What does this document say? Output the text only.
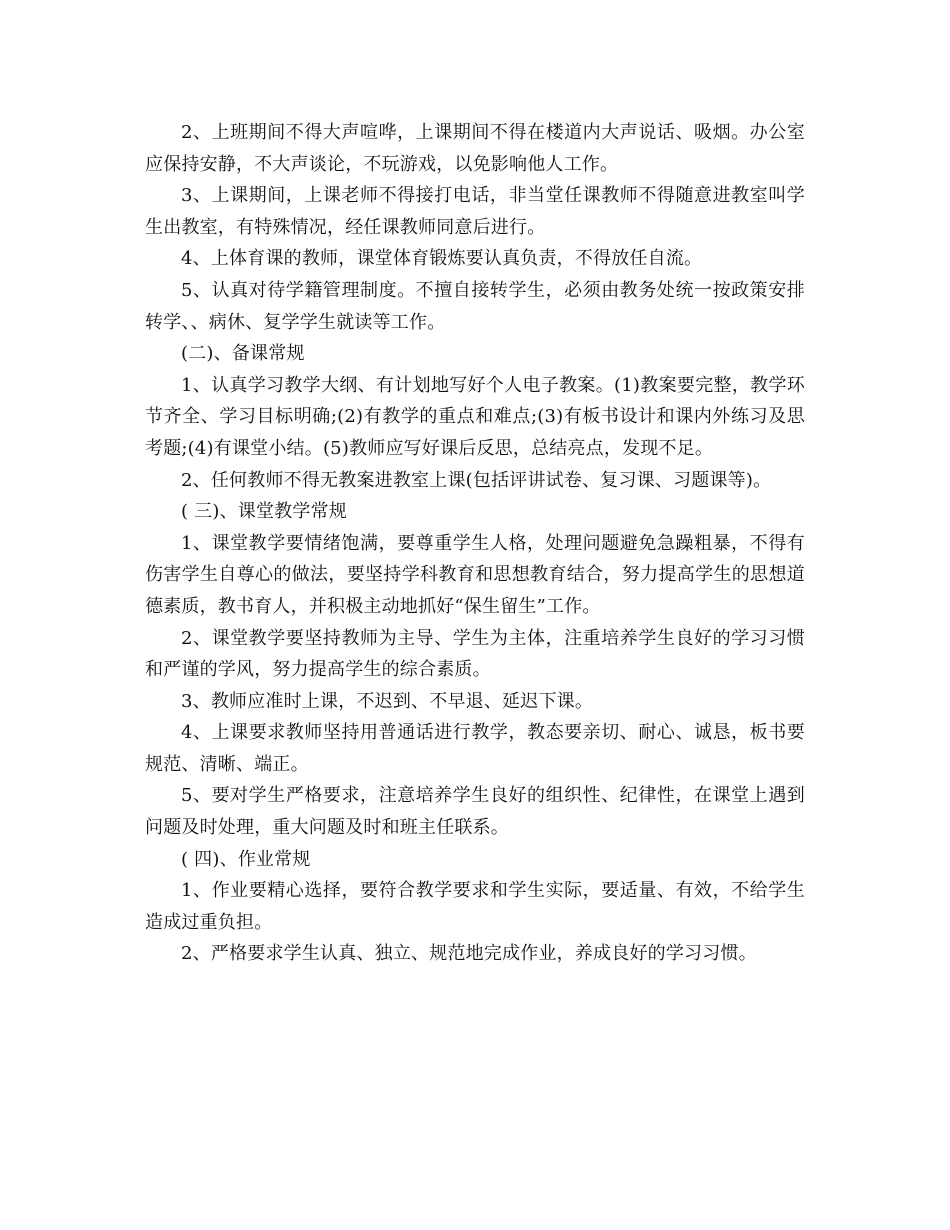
2、上班期间不得大声喧哗，上课期间不得在楼道内大声说话、吸烟。办公室应保持安静，不大声谈论，不玩游戏，以免影响他人工作。

3、上课期间，上课老师不得接打电话，非当堂任课教师不得随意进教室叫学生出教室，有特殊情况，经任课教师同意后进行。

4、上体育课的教师，课堂体育锻炼要认真负责，不得放任自流。

5、认真对待学籍管理制度。不擅自接转学生，必须由教务处统一按政策安排转学、、病休、复学学生就读等工作。

(二)、备课常规

1、认真学习教学大纲、有计划地写好个人电子教案。(1)教案要完整，教学环节齐全、学习目标明确;(2)有教学的重点和难点;(3)有板书设计和课内外练习及思考题;(4)有课堂小结。(5)教师应写好课后反思，总结亮点，发现不足。

2、任何教师不得无教案进教室上课(包括评讲试卷、复习课、习题课等)。

( 三)、课堂教学常规

1、课堂教学要情绪饱满，要尊重学生人格，处理问题避免急躁粗暴，不得有伤害学生自尊心的做法，要坚持学科教育和思想教育结合，努力提高学生的思想道德素质，教书育人，并积极主动地抓好“保生留生”工作。

2、课堂教学要坚持教师为主导、学生为主体，注重培养学生良好的学习习惯和严谨的学风，努力提高学生的综合素质。

3、教师应准时上课，不迟到、不早退、延迟下课。

4、上课要求教师坚持用普通话进行教学，教态要亲切、耐心、诚恳，板书要规范、清晰、端正。

5、要对学生严格要求，注意培养学生良好的组织性、纪律性，在课堂上遇到问题及时处理，重大问题及时和班主任联系。

( 四)、作业常规

1、作业要精心选择，要符合教学要求和学生实际，要适量、有效，不给学生造成过重负担。

2、严格要求学生认真、独立、规范地完成作业，养成良好的学习习惯。
